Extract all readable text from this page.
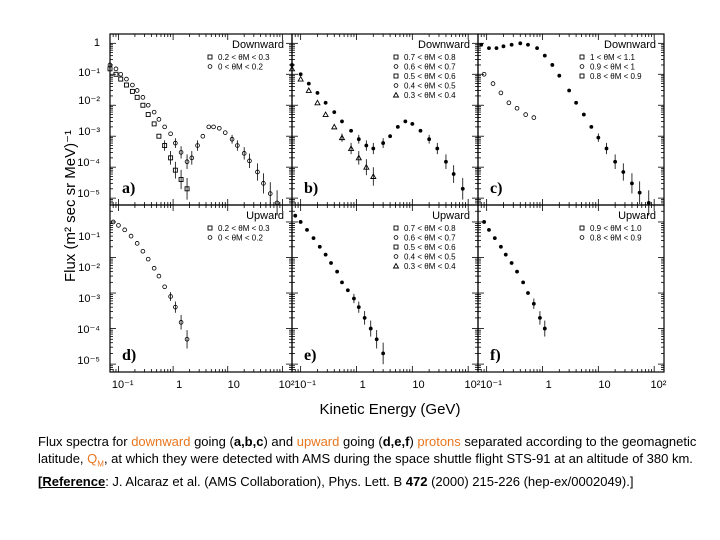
Flux (m² sec sr MeV)⁻¹
Kinetic Energy (GeV)
1
10⁻¹
10⁻²
10⁻³
10⁻⁴
10⁻⁵
10⁻¹
10⁻²
10⁻³
10⁻⁴
10⁻⁵
10⁻¹	1	10	10² 10⁻¹	1	10	10² 10⁻¹	1	10	10²
Downward
0.2 < θM < 0.3
0 < θM < 0.2
a)
Downward
0.7 < θM < 0.8
0.6 < θM < 0.7
0.5 < θM < 0.6
0.4 < θM < 0.5
0.3 < θM < 0.4
b)
Downward
1 < θM < 1.1
0.9 < θM < 1
0.8 < θM < 0.9
c)
Upward
0.2 < θM < 0.3
0 < θM < 0.2
d)
Upward
0.7 < θM < 0.8
0.6 < θM < 0.7
0.5 < θM < 0.6
0.4 < θM < 0.5
0.3 < θM < 0.4
e)
Upward
0.9 < θM < 1.0
0.8 < θM < 0.9
f)
Flux spectra for downward going (a,b,c) and upward going (d,e,f) protons separated according to the geomagnetic latitude, $Q_M$, at which they were detected with AMS during the space shuttle flight STS-91 at an altitude of 380 km.
[Reference: J. Alcaraz et al. (AMS Collaboration), Phys. Lett. B 472 (2000) 215-226 (hep-ex/0002049).]
